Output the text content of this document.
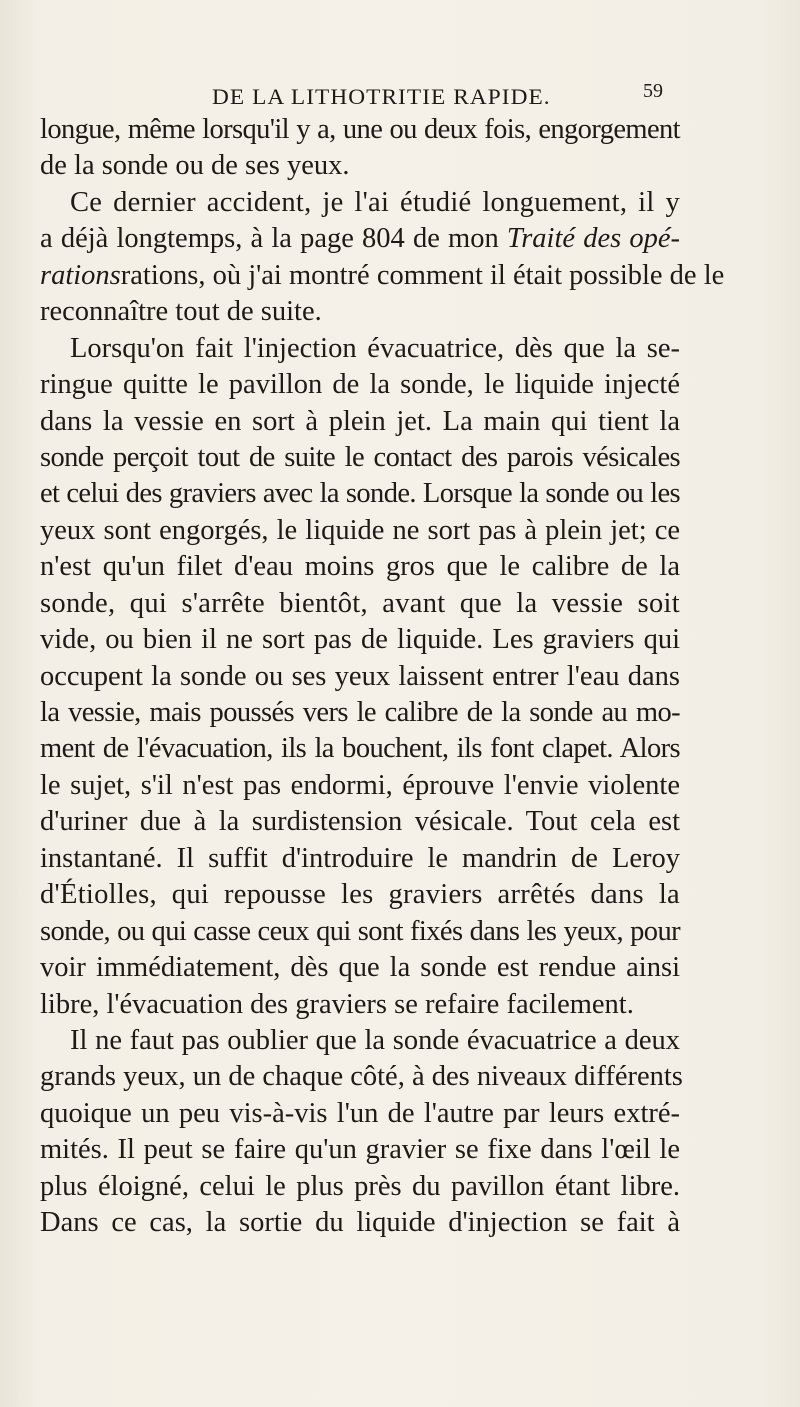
DE LA LITHOTRITIE RAPIDE.	59
longue, même lorsqu'il y a, une ou deux fois, engorgement
de la sonde ou de ses yeux.
Ce dernier accident, je l'ai étudié longuement, il y
a déjà longtemps, à la page 804 de mon Traité des opé-
rationsrations, où j'ai montré comment il était possible de le
reconnaître tout de suite.
Lorsqu'on fait l'injection évacuatrice, dès que la se-
ringue quitte le pavillon de la sonde, le liquide injecté
dans la vessie en sort à plein jet. La main qui tient la
sonde perçoit tout de suite le contact des parois vésicales
et celui des graviers avec la sonde. Lorsque la sonde ou les
yeux sont engorgés, le liquide ne sort pas à plein jet; ce
n'est qu'un filet d'eau moins gros que le calibre de la
sonde, qui s'arrête bientôt, avant que la vessie soit
vide, ou bien il ne sort pas de liquide. Les graviers qui
occupent la sonde ou ses yeux laissent entrer l'eau dans
la vessie, mais poussés vers le calibre de la sonde au mo-
ment de l'évacuation, ils la bouchent, ils font clapet. Alors
le sujet, s'il n'est pas endormi, éprouve l'envie violente
d'uriner due à la surdistension vésicale. Tout cela est
instantané. Il suffit d'introduire le mandrin de Leroy
d'Étiolles, qui repousse les graviers arrêtés dans la
sonde, ou qui casse ceux qui sont fixés dans les yeux, pour
voir immédiatement, dès que la sonde est rendue ainsi
libre, l'évacuation des graviers se refaire facilement.
Il ne faut pas oublier que la sonde évacuatrice a deux
grands yeux, un de chaque côté, à des niveaux différents
quoique un peu vis-à-vis l'un de l'autre par leurs extré-
mités. Il peut se faire qu'un gravier se fixe dans l'œil le
plus éloigné, celui le plus près du pavillon étant libre.
Dans ce cas, la sortie du liquide d'injection se fait à
